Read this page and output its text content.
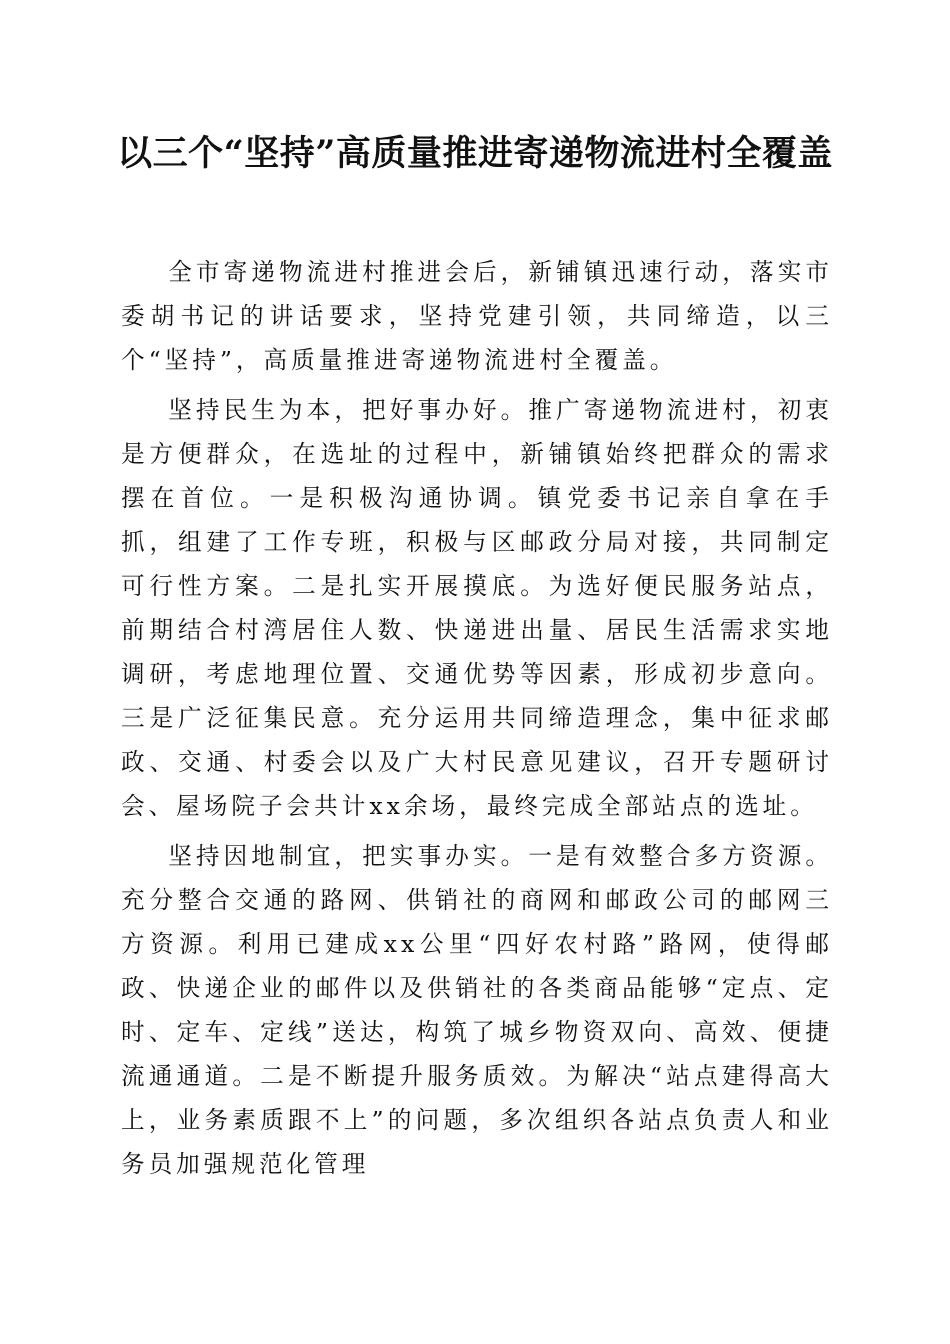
以三个“坚持”高质量推进寄递物流进村全覆盖

全市寄递物流进村推进会后，新铺镇迅速行动，落实市委胡书记的讲话要求，坚持党建引领，共同缔造，以三个“坚持”，高质量推进寄递物流进村全覆盖。

坚持民生为本，把好事办好。推广寄递物流进村，初衷是方便群众，在选址的过程中，新铺镇始终把群众的需求摆在首位。一是积极沟通协调。镇党委书记亲自拿在手抓，组建了工作专班，积极与区邮政分局对接，共同制定可行性方案。二是扎实开展摸底。为选好便民服务站点，前期结合村湾居住人数、快递进出量、居民生活需求实地调研，考虑地理位置、交通优势等因素，形成初步意向。三是广泛征集民意。充分运用共同缔造理念，集中征求邮政、交通、村委会以及广大村民意见建议，召开专题研讨会、屋场院子会共计xx余场，最终完成全部站点的选址。

坚持因地制宜，把实事办实。一是有效整合多方资源。充分整合交通的路网、供销社的商网和邮政公司的邮网三方资源。利用已建成xx公里“四好农村路”路网，使得邮政、快递企业的邮件以及供销社的各类商品能够“定点、定时、定车、定线”送达，构筑了城乡物资双向、高效、便捷流通通道。二是不断提升服务质效。为解决“站点建得高大上，业务素质跟不上”的问题，多次组织各站点负责人和业务员加强规范化管理
